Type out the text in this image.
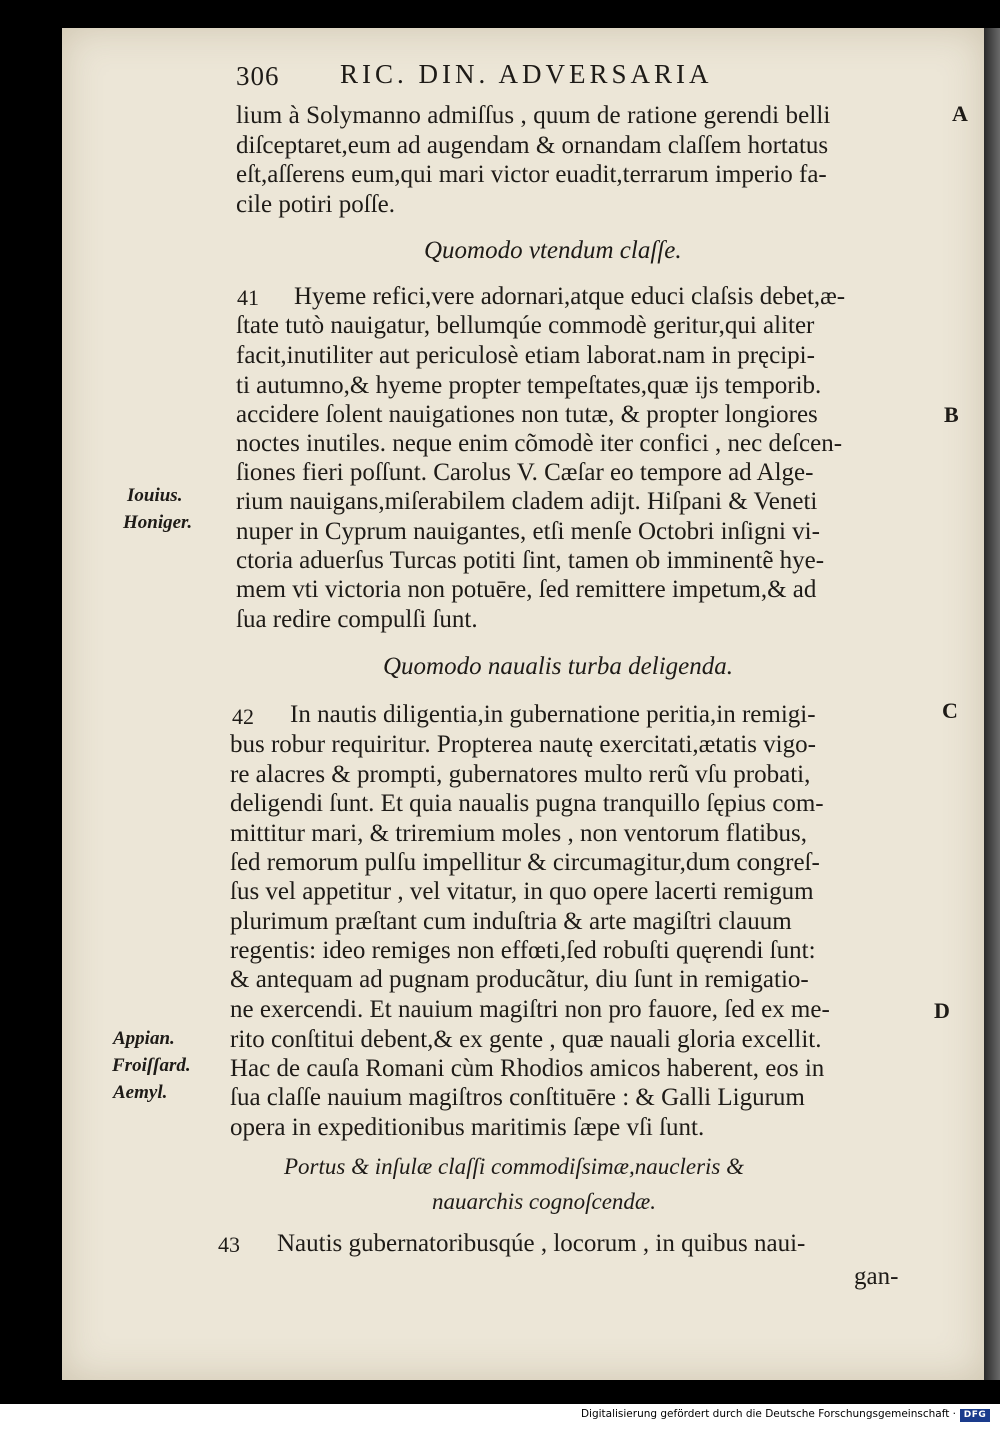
306 RIC. DIN. ADVERSARIA
A
B
C
D
41
42
43
Iouius.
Honiger.
Appian.
Froiſſard.
Aemyl.
lium à Solymanno admiſſus , quum de ratione gerendi belli
diſceptaret,eum ad augendam & ornandam claſſem hortatus
eſt,aſſerens eum,qui mari victor euadit,terrarum imperio fa-
cile potiri poſſe.
Quomodo vtendum claſſe.
Hyeme refici,vere adornari,atque educi claſsis debet,æ-
ſtate tutò nauigatur, bellumqúe commodè geritur,qui aliter
facit,inutiliter aut periculosè etiam laborat.nam in pręcipi-
ti autumno,& hyeme propter tempeſtates,quæ ijs temporib.
accidere ſolent nauigationes non tutæ, & propter longiores
noctes inutiles. neque enim cõmodè iter confici , nec deſcen-
ſiones fieri poſſunt. Carolus V. Cæſar eo tempore ad Alge-
rium nauigans,miſerabilem cladem adijt. Hiſpani & Veneti
nuper in Cyprum nauigantes, etſi menſe Octobri inſigni vi-
ctoria aduerſus Turcas potiti ſint, tamen ob imminentẽ hye-
mem vti victoria non potuēre, ſed remittere impetum,& ad
ſua redire compulſi ſunt.
Quomodo naualis turba deligenda.
In nautis diligentia,in gubernatione peritia,in remigi-
bus robur requiritur. Propterea nautę exercitati,ætatis vigo-
re alacres & prompti, gubernatores multo rerũ vſu probati,
deligendi ſunt. Et quia naualis pugna tranquillo ſępius com-
mittitur mari, & triremium moles , non ventorum flatibus,
ſed remorum pulſu impellitur & circumagitur,dum congreſ-
ſus vel appetitur , vel vitatur, in quo opere lacerti remigum
plurimum præſtant cum induſtria & arte magiſtri clauum
regentis: ideo remiges non effœti,ſed robuſti quęrendi ſunt:
& antequam ad pugnam producãtur, diu ſunt in remigatio-
ne exercendi. Et nauium magiſtri non pro fauore, ſed ex me-
rito conſtitui debent,& ex gente , quæ nauali gloria excellit.
Hac de cauſa Romani cùm Rhodios amicos haberent, eos in
ſua claſſe nauium magiſtros conſtituēre : & Galli Ligurum
opera in expeditionibus maritimis ſæpe vſi ſunt.
Portus & inſulæ claſſi commodiſsimæ,naucleris &
nauarchis cognoſcendæ.
Nautis gubernatoribusqúe , locorum , in quibus naui-
gan-
Digitalisierung gefördert durch die Deutsche Forschungsgemeinschaft · DFG
